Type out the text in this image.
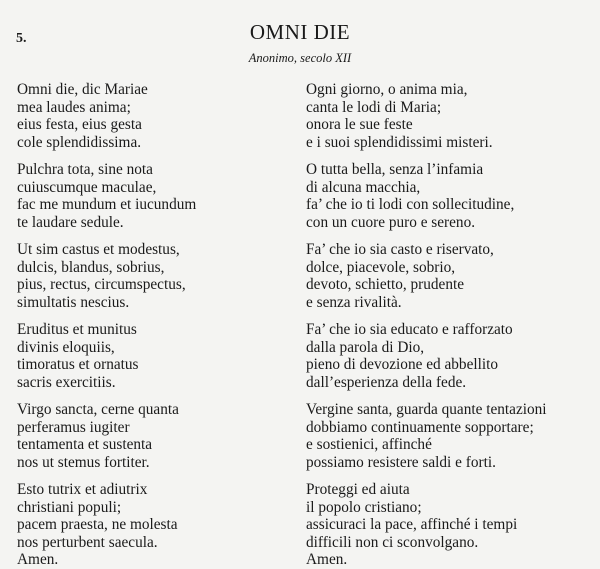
5.	OMNI DIE
Anonimo, secolo XII
Omni die, dic Mariae
mea laudes anima;
eius festa, eius gesta
cole splendidissima.
Pulchra tota, sine nota
cuiuscumque maculae,
fac me mundum et iucundum
te laudare sedule.
Ut sim castus et modestus,
dulcis, blandus, sobrius,
pius, rectus, circumspectus,
simultatis nescius.
Eruditus et munitus
divinis eloquiis,
timoratus et ornatus
sacris exercitiis.
Virgo sancta, cerne quanta
perferamus iugiter
tentamenta et sustenta
nos ut stemus fortiter.
Esto tutrix et adiutrix
christiani populi;
pacem praesta, ne molesta
nos perturbent saecula.
Amen.
Ogni giorno, o anima mia,
canta le lodi di Maria;
onora le sue feste
e i suoi splendidissimi misteri.
O tutta bella, senza l’infamia
di alcuna macchia,
fa’ che io ti lodi con sollecitudine,
con un cuore puro e sereno.
Fa’ che io sia casto e riservato,
dolce, piacevole, sobrio,
devoto, schietto, prudente
e senza rivalità.
Fa’ che io sia educato e rafforzato
dalla parola di Dio,
pieno di devozione ed abbellito
dall’esperienza della fede.
Vergine santa, guarda quante tentazioni
dobbiamo continuamente sopportare;
e sostienici, affinché
possiamo resistere saldi e forti.
Proteggi ed aiuta
il popolo cristiano;
assicuraci la pace, affinché i tempi
difficili non ci sconvolgano.
Amen.
